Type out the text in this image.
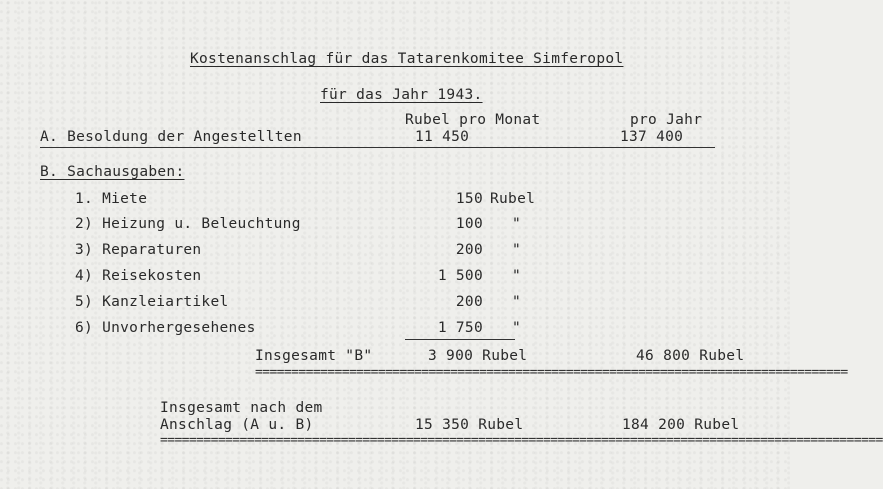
Kostenanschlag für das Tatarenkomitee Simferopol
für das Jahr 1943.
Rubel pro Monat	pro Jahr
A. Besoldung der Angestellten	11 450	137 400
B. Sachausgaben:
1. Miete	150 Rubel
2) Heizung u. Beleuchtung	100 "
3) Reparaturen	200 "
4) Reisekosten	1 500 "
5) Kanzleiartikel	200 "
6) Unvorhergesehenes	1 750 "
Insgesamt "B"	3 900 Rubel	46 800 Rubel
==================================================================================
Insgesamt nach dem
Anschlag (A u. B)	15 350 Rubel	184 200 Rubel
====================================================================================================
